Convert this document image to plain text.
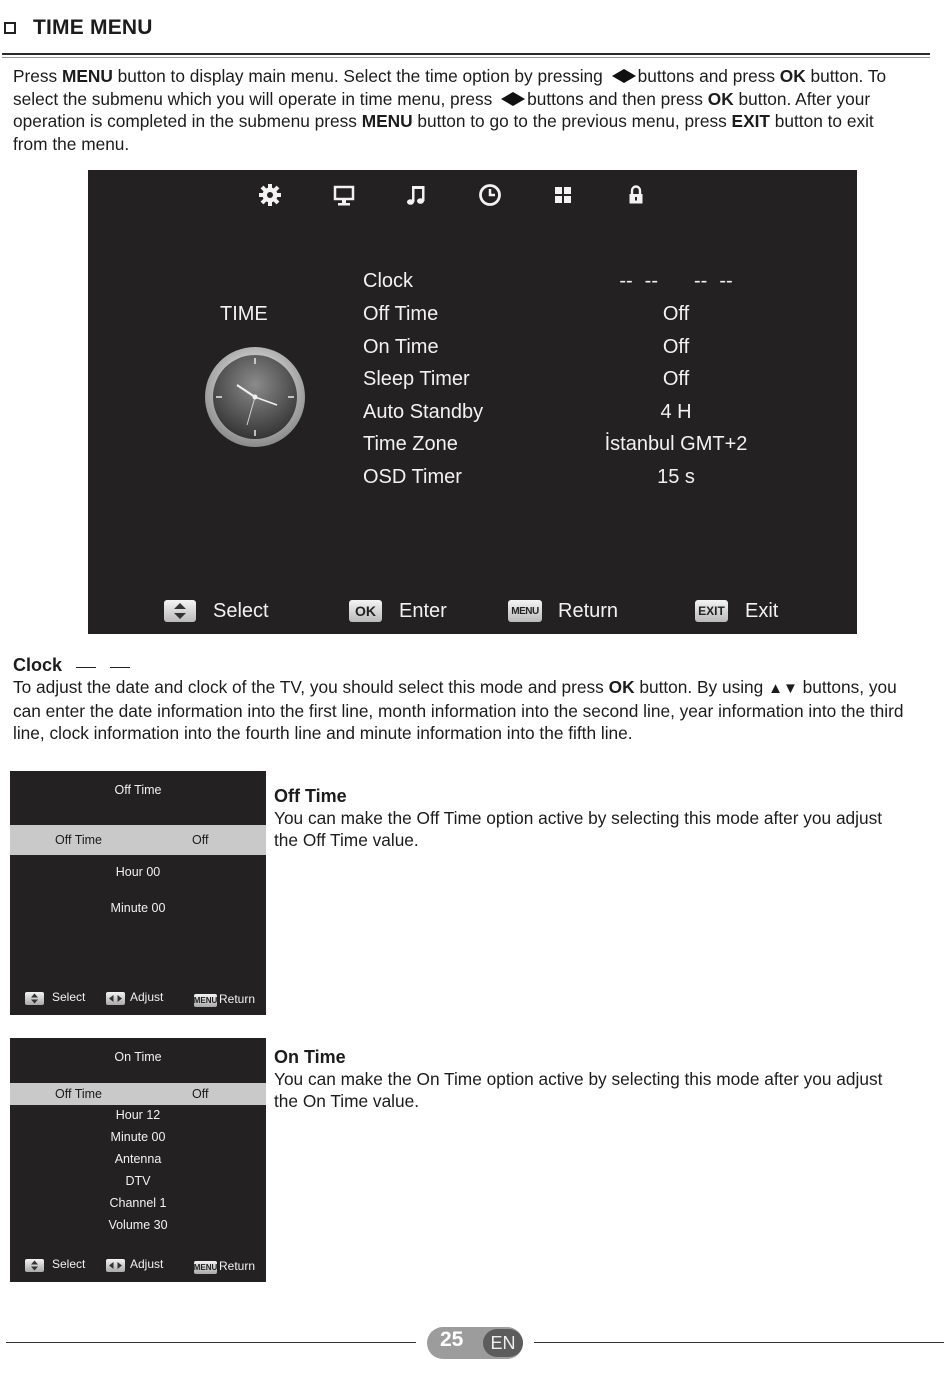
TIME MENU
Press MENU button to display main menu. Select the time option by pressing buttons and press OK button. To select the submenu which you will operate in time menu, press buttons and then press OK button. After your operation is completed in the submenu press MENU button to go to the previous menu, press EXIT button to exit from the menu.
TIME
Clock	-- -- -- --
Off Time	Off
On Time	Off
Sleep Timer	Off
Auto Standby	4 H
Time Zone	İstanbul GMT+2
OSD Timer	15 s
Select	OK	Enter	MENU Return	EXIT Exit
Clock
To adjust the date and clock of the TV, you should select this mode and press OK button. By using ▲▼ buttons, you can enter the date information into the first line, month information into the second line, year information into the third line, clock information into the fourth line and minute information into the fifth line.
Off Time
Off Time	Off
Hour 00
Minute 00
Select	Adjust	MENU Return
Off Time
You can make the Off Time option active by selecting this mode after you adjust the Off Time value.
On Time
Off Time	Off
Hour 12
Minute 00
Antenna
DTV
Channel 1
Volume 30
Select	Adjust	MENU Return
On Time
You can make the On Time option active by selecting this mode after you adjust the On Time value.
25	EN
